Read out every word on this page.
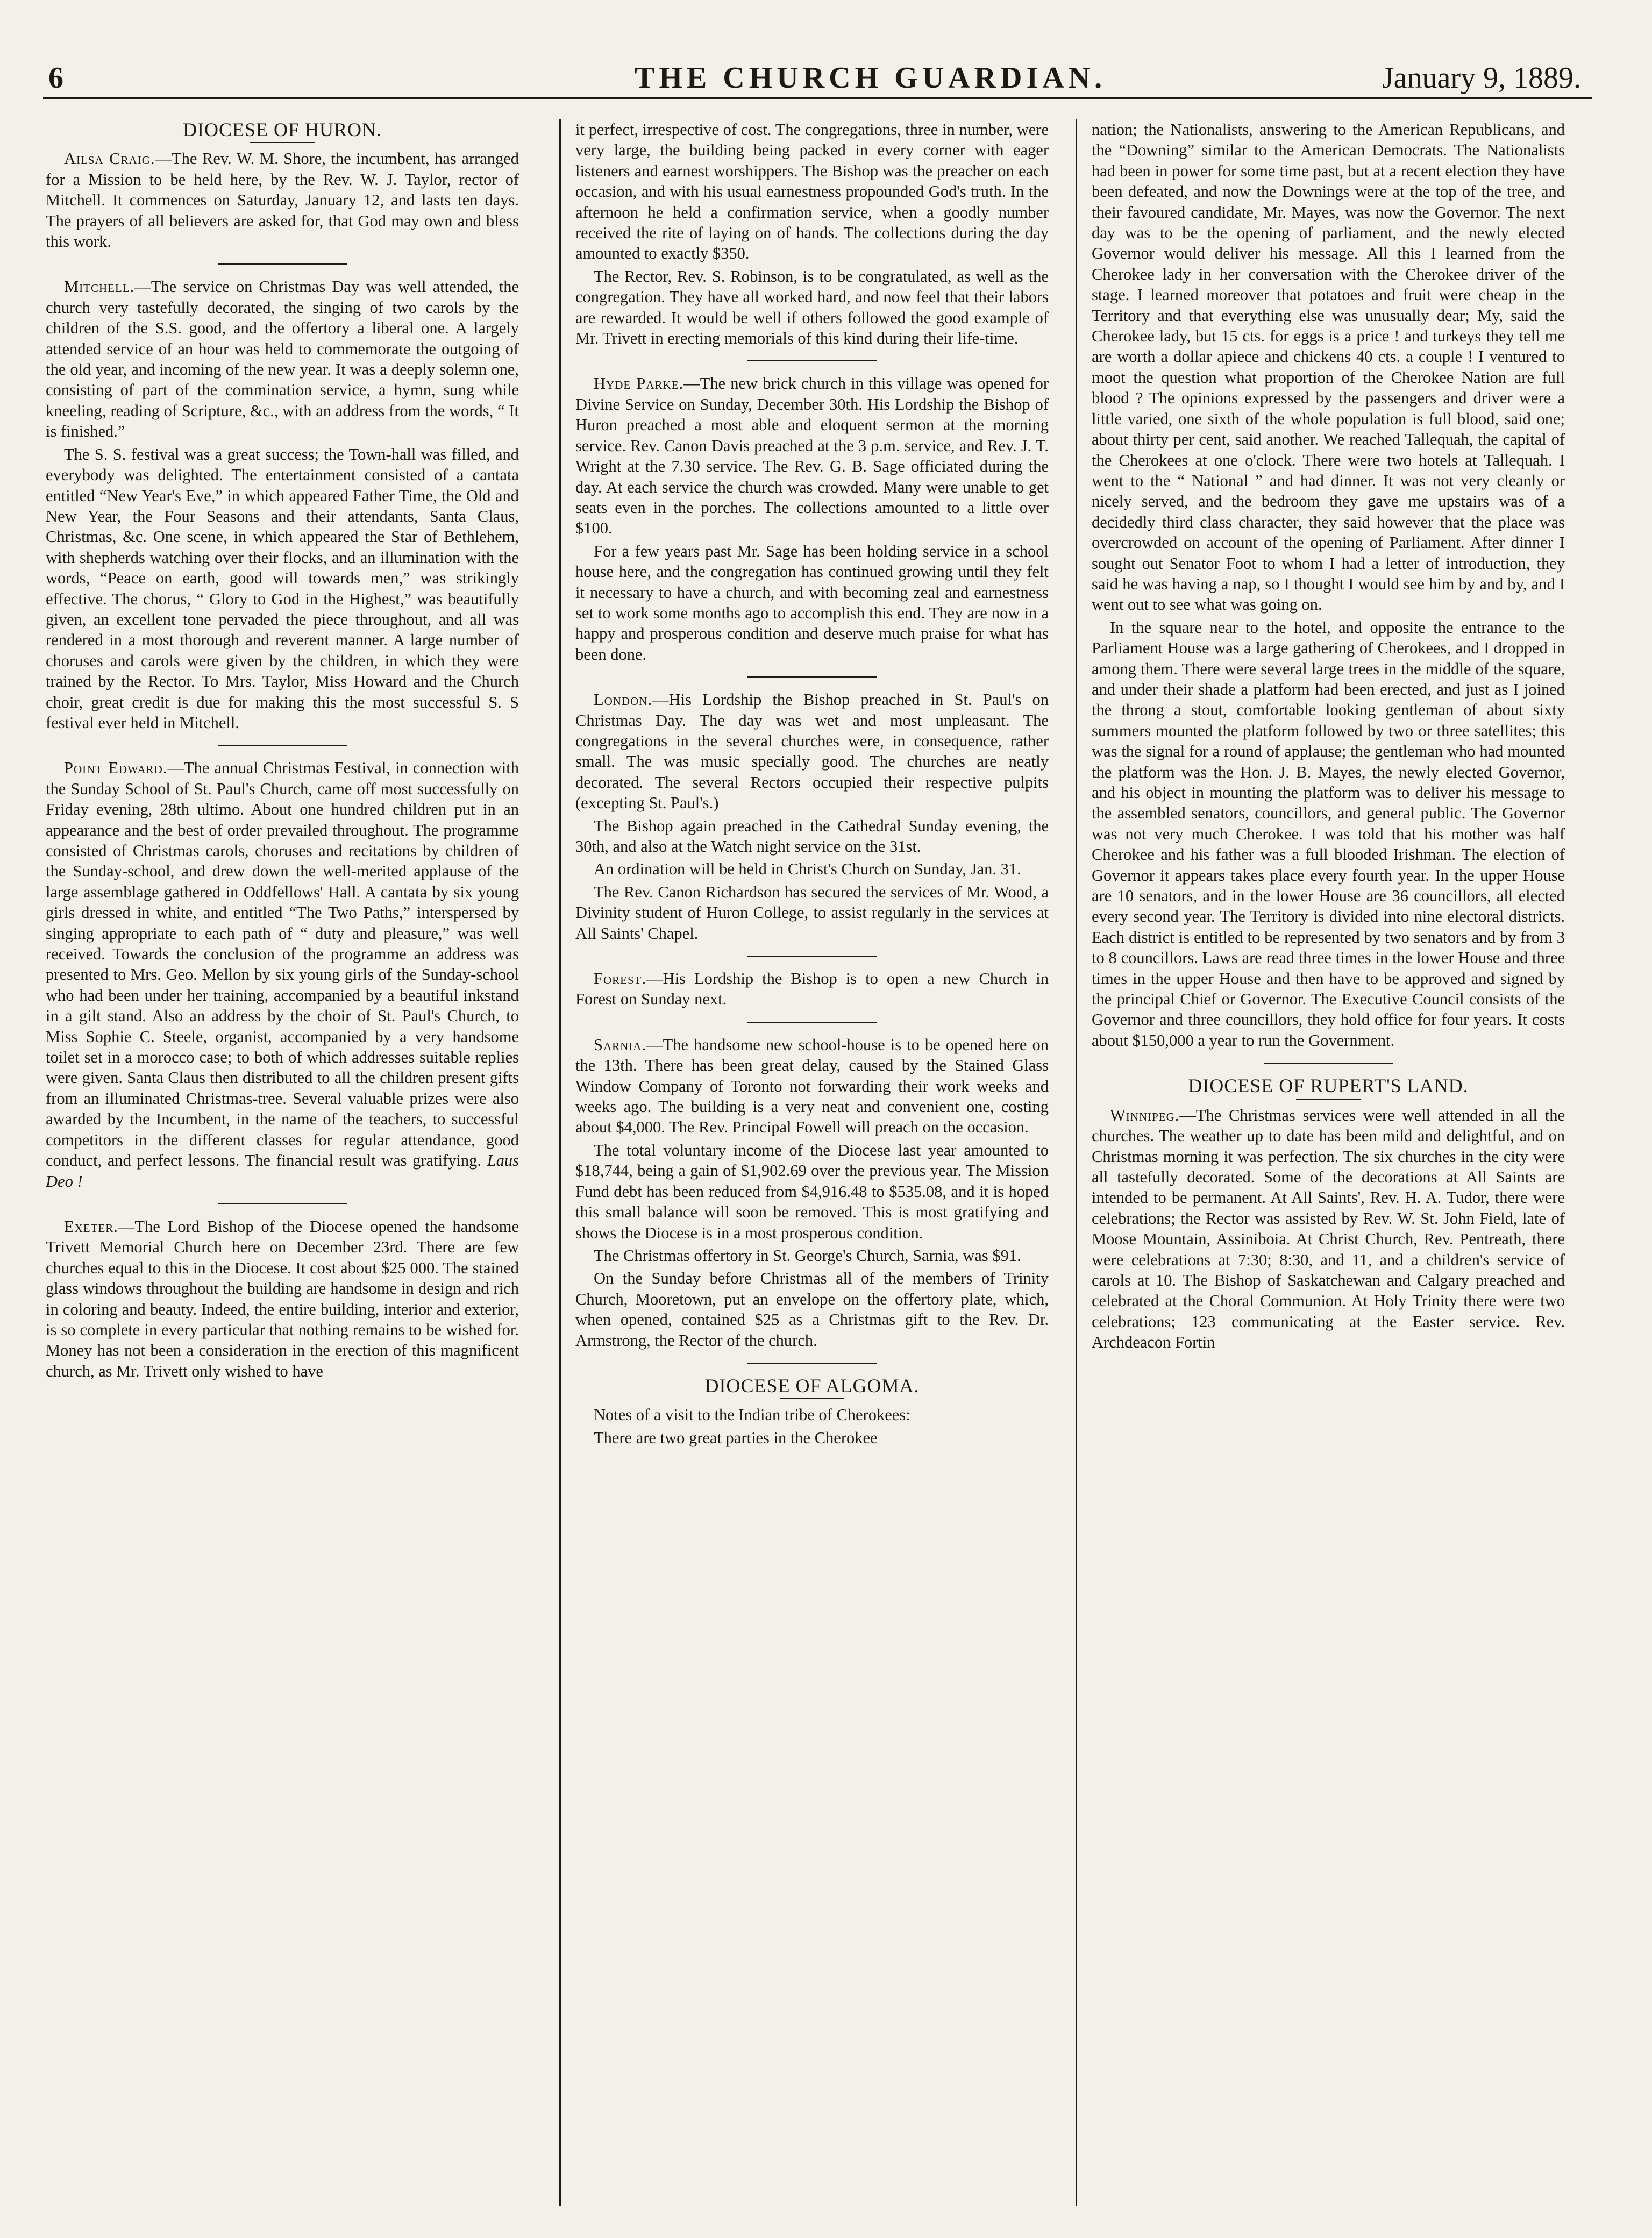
6	THE CHURCH GUARDIAN.	January 9, 1889.

DIOCESE OF HURON.

Ailsa Craig.—The Rev. W. M. Shore, the incumbent, has arranged for a Mission to be held here, by the Rev. W. J. Taylor, rector of Mitchell. It commences on Saturday, January 12, and lasts ten days. The prayers of all believers are asked for, that God may own and bless this work.

Mitchell.—The service on Christmas Day was well attended, the church very tastefully decorated, the singing of two carols by the children of the S.S. good, and the offertory a liberal one. A largely attended service of an hour was held to commemorate the outgoing of the old year, and incoming of the new year. It was a deeply solemn one, consisting of part of the commination service, a hymn, sung while kneeling, reading of Scripture, &c., with an address from the words, “ It is finished.”

The S. S. festival was a great success; the Town-hall was filled, and everybody was delighted. The entertainment consisted of a cantata entitled “New Year's Eve,” in which appeared Father Time, the Old and New Year, the Four Seasons and their attendants, Santa Claus, Christmas, &c. One scene, in which appeared the Star of Bethlehem, with shepherds watching over their flocks, and an illumination with the words, “Peace on earth, good will towards men,” was strikingly effective. The chorus, “ Glory to God in the Highest,” was beautifully given, an excellent tone pervaded the piece throughout, and all was rendered in a most thorough and reverent manner. A large number of choruses and carols were given by the children, in which they were trained by the Rector. To Mrs. Taylor, Miss Howard and the Church choir, great credit is due for making this the most successful S. S festival ever held in Mitchell.

Point Edward.—The annual Christmas Festival, in connection with the Sunday School of St. Paul's Church, came off most successfully on Friday evening, 28th ultimo. About one hundred children put in an appearance and the best of order prevailed throughout. The programme consisted of Christmas carols, choruses and recitations by children of the Sunday-school, and drew down the well-merited applause of the large assemblage gathered in Oddfellows' Hall. A cantata by six young girls dressed in white, and entitled “The Two Paths,” interspersed by singing appropriate to each path of “ duty and pleasure,” was well received. Towards the conclusion of the programme an address was presented to Mrs. Geo. Mellon by six young girls of the Sunday-school who had been under her training, accompanied by a beautiful inkstand in a gilt stand. Also an address by the choir of St. Paul's Church, to Miss Sophie C. Steele, organist, accompanied by a very handsome toilet set in a morocco case; to both of which addresses suitable replies were given. Santa Claus then distributed to all the children present gifts from an illuminated Christmas-tree. Several valuable prizes were also awarded by the Incumbent, in the name of the teachers, to successful competitors in the different classes for regular attendance, good conduct, and perfect lessons. The financial result was gratifying. Laus Deo !

Exeter.—The Lord Bishop of the Diocese opened the handsome Trivett Memorial Church here on December 23rd. There are few churches equal to this in the Diocese. It cost about $25 000. The stained glass windows throughout the building are handsome in design and rich in coloring and beauty. Indeed, the entire building, interior and exterior, is so complete in every particular that nothing remains to be wished for. Money has not been a consideration in the erection of this magnificent church, as Mr. Trivett only wished to have

it perfect, irrespective of cost. The congregations, three in number, were very large, the building being packed in every corner with eager listeners and earnest worshippers. The Bishop was the preacher on each occasion, and with his usual earnestness propounded God's truth. In the afternoon he held a confirmation service, when a goodly number received the rite of laying on of hands. The collections during the day amounted to exactly $350.

The Rector, Rev. S. Robinson, is to be congratulated, as well as the congregation. They have all worked hard, and now feel that their labors are rewarded. It would be well if others followed the good example of Mr. Trivett in erecting memorials of this kind during their life-time.

Hyde Parke.—The new brick church in this village was opened for Divine Service on Sunday, December 30th. His Lordship the Bishop of Huron preached a most able and eloquent sermon at the morning service. Rev. Canon Davis preached at the 3 p.m. service, and Rev. J. T. Wright at the 7.30 service. The Rev. G. B. Sage officiated during the day. At each service the church was crowded. Many were unable to get seats even in the porches. The collections amounted to a little over $100.

For a few years past Mr. Sage has been holding service in a school house here, and the congregation has continued growing until they felt it necessary to have a church, and with becoming zeal and earnestness set to work some months ago to accomplish this end. They are now in a happy and prosperous condition and deserve much praise for what has been done.

London.—His Lordship the Bishop preached in St. Paul's on Christmas Day. The day was wet and most unpleasant. The congregations in the several churches were, in consequence, rather small. The was music specially good. The churches are neatly decorated. The several Rectors occupied their respective pulpits (excepting St. Paul's.)

The Bishop again preached in the Cathedral Sunday evening, the 30th, and also at the Watch night service on the 31st.

An ordination will be held in Christ's Church on Sunday, Jan. 31.

The Rev. Canon Richardson has secured the services of Mr. Wood, a Divinity student of Huron College, to assist regularly in the services at All Saints' Chapel.

Forest.—His Lordship the Bishop is to open a new Church in Forest on Sunday next.

Sarnia.—The handsome new school-house is to be opened here on the 13th. There has been great delay, caused by the Stained Glass Window Company of Toronto not forwarding their work weeks and weeks ago. The building is a very neat and convenient one, costing about $4,000. The Rev. Principal Fowell will preach on the occasion.

The total voluntary income of the Diocese last year amounted to $18,744, being a gain of $1,902.69 over the previous year. The Mission Fund debt has been reduced from $4,916.48 to $535.08, and it is hoped this small balance will soon be removed. This is most gratifying and shows the Diocese is in a most prosperous condition.

The Christmas offertory in St. George's Church, Sarnia, was $91.

On the Sunday before Christmas all of the members of Trinity Church, Mooretown, put an envelope on the offertory plate, which, when opened, contained $25 as a Christmas gift to the Rev. Dr. Armstrong, the Rector of the church.

DIOCESE OF ALGOMA.

Notes of a visit to the Indian tribe of Cherokees:

There are two great parties in the Cherokee

nation; the Nationalists, answering to the American Republicans, and the “Downing” similar to the American Democrats. The Nationalists had been in power for some time past, but at a recent election they have been defeated, and now the Downings were at the top of the tree, and their favoured candidate, Mr. Mayes, was now the Governor. The next day was to be the opening of parliament, and the newly elected Governor would deliver his message. All this I learned from the Cherokee lady in her conversation with the Cherokee driver of the stage. I learned moreover that potatoes and fruit were cheap in the Territory and that everything else was unusually dear; My, said the Cherokee lady, but 15 cts. for eggs is a price ! and turkeys they tell me are worth a dollar apiece and chickens 40 cts. a couple ! I ventured to moot the question what proportion of the Cherokee Nation are full blood ? The opinions expressed by the passengers and driver were a little varied, one sixth of the whole population is full blood, said one; about thirty per cent, said another. We reached Tallequah, the capital of the Cherokees at one o'clock. There were two hotels at Tallequah. I went to the “ National ” and had dinner. It was not very cleanly or nicely served, and the bedroom they gave me upstairs was of a decidedly third class character, they said however that the place was overcrowded on account of the opening of Parliament. After dinner I sought out Senator Foot to whom I had a letter of introduction, they said he was having a nap, so I thought I would see him by and by, and I went out to see what was going on.

In the square near to the hotel, and opposite the entrance to the Parliament House was a large gathering of Cherokees, and I dropped in among them. There were several large trees in the middle of the square, and under their shade a platform had been erected, and just as I joined the throng a stout, comfortable looking gentleman of about sixty summers mounted the platform followed by two or three satellites; this was the signal for a round of applause; the gentleman who had mounted the platform was the Hon. J. B. Mayes, the newly elected Governor, and his object in mounting the platform was to deliver his message to the assembled senators, councillors, and general public. The Governor was not very much Cherokee. I was told that his mother was half Cherokee and his father was a full blooded Irishman. The election of Governor it appears takes place every fourth year. In the upper House are 10 senators, and in the lower House are 36 councillors, all elected every second year. The Territory is divided into nine electoral districts. Each district is entitled to be represented by two senators and by from 3 to 8 councillors. Laws are read three times in the lower House and three times in the upper House and then have to be approved and signed by the principal Chief or Governor. The Executive Council consists of the Governor and three councillors, they hold office for four years. It costs about $150,000 a year to run the Government.

DIOCESE OF RUPERT'S LAND.

Winnipeg.—The Christmas services were well attended in all the churches. The weather up to date has been mild and delightful, and on Christmas morning it was perfection. The six churches in the city were all tastefully decorated. Some of the decorations at All Saints are intended to be permanent. At All Saints', Rev. H. A. Tudor, there were celebrations; the Rector was assisted by Rev. W. St. John Field, late of Moose Mountain, Assiniboia. At Christ Church, Rev. Pentreath, there were celebrations at 7:30; 8:30, and 11, and a children's service of carols at 10. The Bishop of Saskatchewan and Calgary preached and celebrated at the Choral Communion. At Holy Trinity there were two celebrations; 123 communicating at the Easter service. Rev. Archdeacon Fortin
